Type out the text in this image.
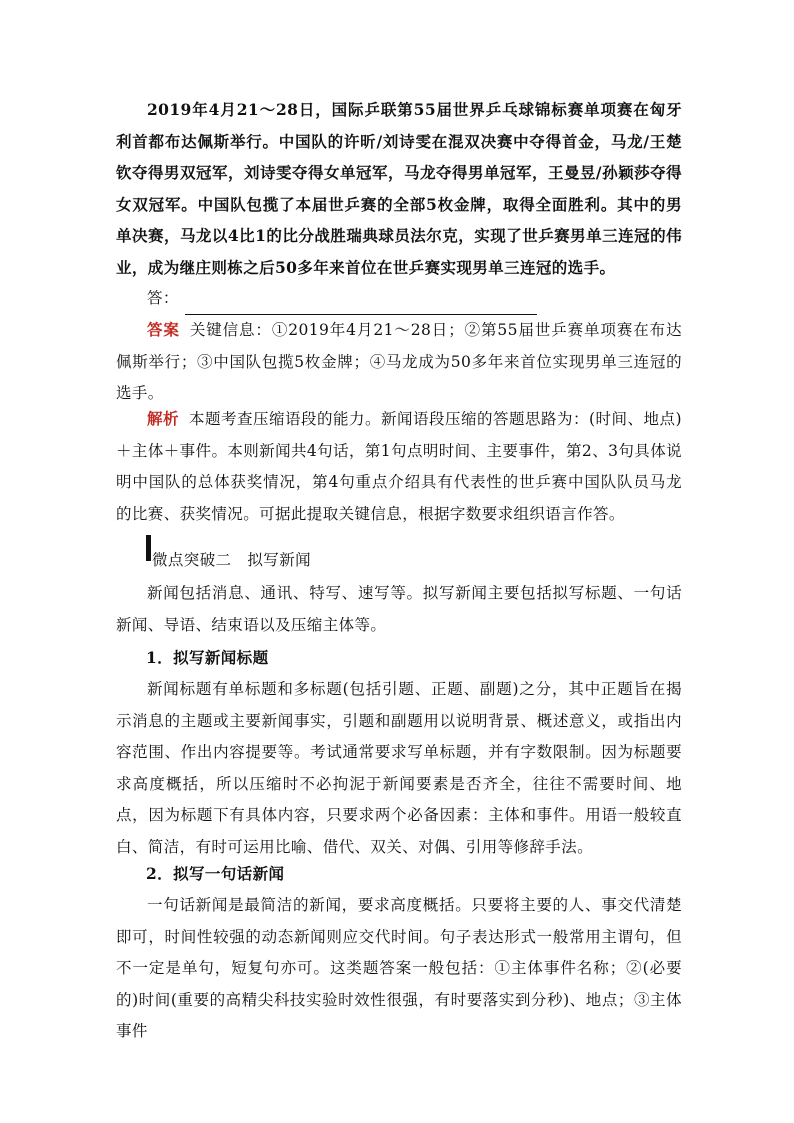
2019年4月21～28日，国际乒联第55届世界乒乓球锦标赛单项赛在匈牙利首都布达佩斯举行。中国队的许昕/刘诗雯在混双决赛中夺得首金，马龙/王楚钦夺得男双冠军，刘诗雯夺得女单冠军，马龙夺得男单冠军，王曼昱/孙颖莎夺得女双冠军。中国队包揽了本届世乒赛的全部5枚金牌，取得全面胜利。其中的男单决赛，马龙以4比1的比分战胜瑞典球员法尔克，实现了世乒赛男单三连冠的伟业，成为继庄则栋之后50多年来首位在世乒赛实现男单三连冠的选手。

答：

答案 关键信息：①2019年4月21～28日；②第55届世乒赛单项赛在布达佩斯举行；③中国队包揽5枚金牌；④马龙成为50多年来首位实现男单三连冠的选手。

解析 本题考查压缩语段的能力。新闻语段压缩的答题思路为：(时间、地点)＋主体＋事件。本则新闻共4句话，第1句点明时间、主要事件，第2、3句具体说明中国队的总体获奖情况，第4句重点介绍具有代表性的世乒赛中国队队员马龙的比赛、获奖情况。可据此提取关键信息，根据字数要求组织语言作答。

微点突破二　拟写新闻

新闻包括消息、通讯、特写、速写等。拟写新闻主要包括拟写标题、一句话新闻、导语、结束语以及压缩主体等。

1．拟写新闻标题

新闻标题有单标题和多标题(包括引题、正题、副题)之分，其中正题旨在揭示消息的主题或主要新闻事实，引题和副题用以说明背景、概述意义，或指出内容范围、作出内容提要等。考试通常要求写单标题，并有字数限制。因为标题要求高度概括，所以压缩时不必拘泥于新闻要素是否齐全，往往不需要时间、地点，因为标题下有具体内容，只要求两个必备因素：主体和事件。用语一般较直白、简洁，有时可运用比喻、借代、双关、对偶、引用等修辞手法。

2．拟写一句话新闻

一句话新闻是最简洁的新闻，要求高度概括。只要将主要的人、事交代清楚即可，时间性较强的动态新闻则应交代时间。句子表达形式一般常用主谓句，但不一定是单句，短复句亦可。这类题答案一般包括：①主体事件名称；②(必要的)时间(重要的高精尖科技实验时效性很强，有时要落实到分秒)、地点；③主体事件
